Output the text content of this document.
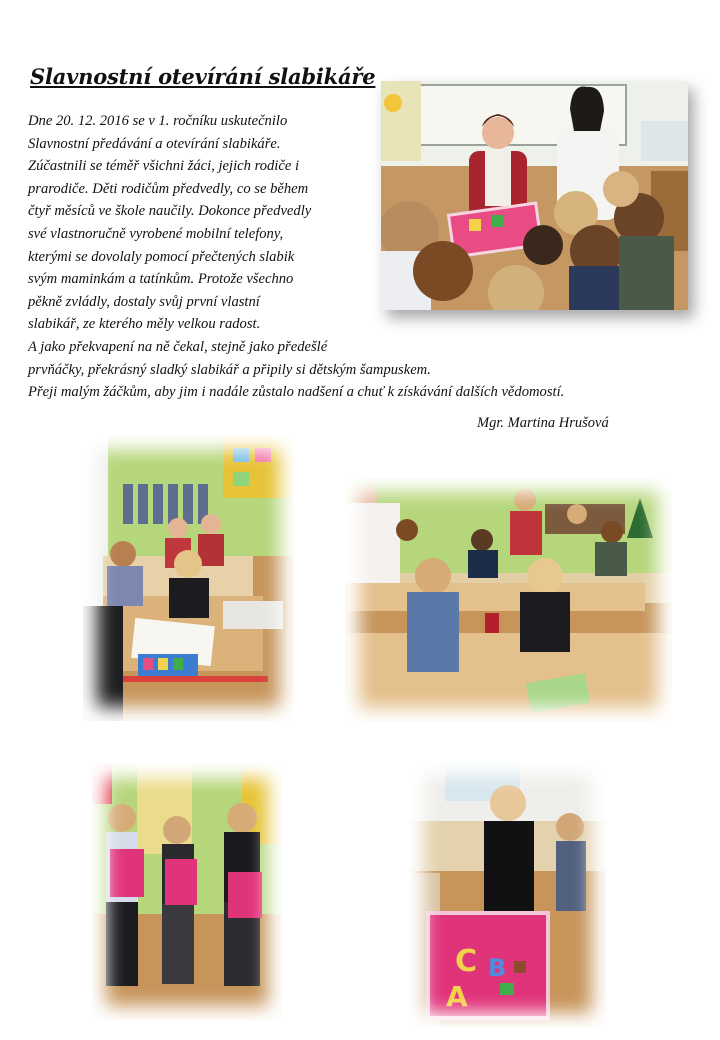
Slavnostní otevírání slabikáře
Dne 20. 12. 2016 se v 1. ročníku uskutečnilo
Slavnostní předávání a otevírání slabikáře.
Zúčastnili se téměř všichni žáci, jejich rodiče i
prarodiče. Děti rodičům předvedly, co se během
čtyř měsíců ve škole naučily. Dokonce předvedly
své vlastnoručně vyrobené mobilní telefony,
kterými se dovolaly pomocí přečtených slabik
svým maminkám a tatínkům. Protože všechno
pěkně zvládly, dostaly svůj první vlastní
slabikář, ze kterého měly velkou radost.
A jako překvapení na ně čekal, stejně jako předešlé
prvňáčky, překrásný sladký slabikář a připily si dětským šampuskem.
Přeji malým žáčkům, aby jim i nadále zůstalo nadšení a chuť k získávání dalších vědomostí.
Mgr. Martina Hrušová
C B
A
